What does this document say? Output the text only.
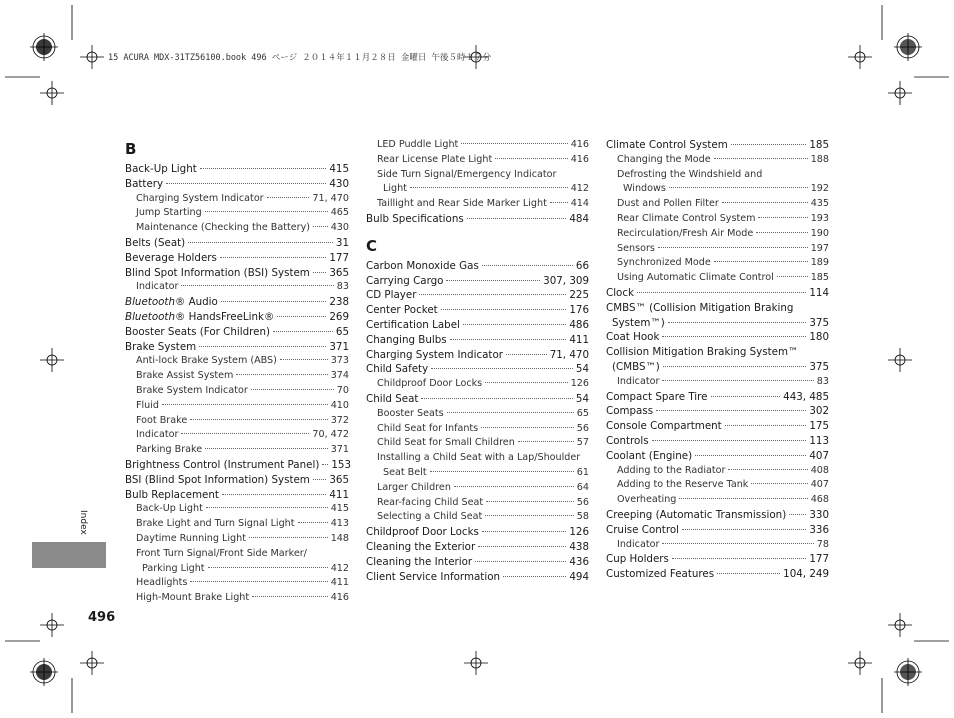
15 ACURA MDX-31TZ56100.book 496 ページ ２０１４年１１月２８日 金曜日 午後５時１７分
Index
496
B
Back-Up Light	415
Battery	430
Charging System Indicator	71, 470
Jump Starting	465
Maintenance (Checking the Battery) 430
Belts (Seat)	31
Beverage Holders	177
Blind Spot Information (BSI) System 365
Indicator	83
Bluetooth® Audio	238
Bluetooth® HandsFreeLink®	269
Booster Seats (For Children)	65
Brake System	371
Anti-lock Brake System (ABS)	373
Brake Assist System	374
Brake System Indicator	70
Fluid	410
Foot Brake	372
Indicator	70, 472
Parking Brake	371
Brightness Control (Instrument Panel) 153
BSI (Blind Spot Information) System 365
Bulb Replacement	411
Back-Up Light	415
Brake Light and Turn Signal Light	413
Daytime Running Light	148
Front Turn Signal/Front Side Marker/
Parking Light	412
Headlights	411
High-Mount Brake Light	416
LED Puddle Light	416
Rear License Plate Light	416
Side Turn Signal/Emergency Indicator
Light	412
Taillight and Rear Side Marker Light 414
Bulb Specifications	484
C
Carbon Monoxide Gas	66
Carrying Cargo	307, 309
CD Player	225
Center Pocket	176
Certification Label	486
Changing Bulbs	411
Charging System Indicator	71, 470
Child Safety	54
Childproof Door Locks	126
Child Seat	54
Booster Seats	65
Child Seat for Infants	56
Child Seat for Small Children	57
Installing a Child Seat with a Lap/Shoulder
Seat Belt	61
Larger Children	64
Rear-facing Child Seat	56
Selecting a Child Seat	58
Childproof Door Locks	126
Cleaning the Exterior	438
Cleaning the Interior	436
Client Service Information	494
Climate Control System	185
Changing the Mode	188
Defrosting the Windshield and
Windows	192
Dust and Pollen Filter	435
Rear Climate Control System	193
Recirculation/Fresh Air Mode	190
Sensors	197
Synchronized Mode	189
Using Automatic Climate Control	185
Clock	114
CMBS™ (Collision Mitigation Braking
System™)	375
Coat Hook	180
Collision Mitigation Braking System™
(CMBS™)	375
Indicator	83
Compact Spare Tire	443, 485
Compass	302
Console Compartment	175
Controls	113
Coolant (Engine)	407
Adding to the Radiator	408
Adding to the Reserve Tank	407
Overheating	468
Creeping (Automatic Transmission) 330
Cruise Control	336
Indicator	78
Cup Holders	177
Customized Features	104, 249
